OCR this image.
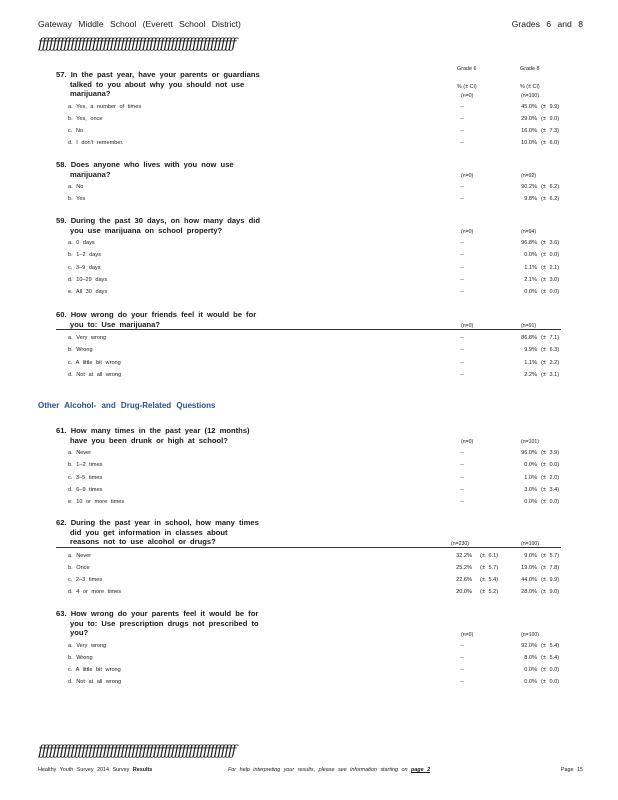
Gateway Middle School (Everett School District)	Grades 6 and 8
ƒƒƒƒƒƒƒƒƒƒƒƒƒƒƒƒƒƒƒƒƒƒƒƒƒƒƒƒƒƒƒƒƒƒƒƒƒƒƒƒƒƒƒƒƒƒƒƒƒƒƒƒƒƒƒ
Grade 6	Grade 8
% (± CI)	% (± CI)
57. In the past year, have your parents or guardians
talked to you about why you should not use
marijuana?	(n=0)	(n=100)
a. Yes, a number of times	--	45.0% (± 9.9)
b. Yes, once	--	29.0% (± 9.0)
c. No	--	16.0% (± 7.3)
d. I don't remember.	--	10.0% (± 6.0)
58. Does anyone who lives with you now use
marijuana?	(n=0)	(n=92)
a. No	--	90.2% (± 6.2)
b. Yes	--	9.8% (± 6.2)
59. During the past 30 days, on how many days did
you use marijuana on school property?	(n=0)	(n=94)
a. 0 days	--	96.8% (± 3.6)
b. 1–2 days	--	0.0% (± 0.0)
c. 3–9 days	--	1.1% (± 2.1)
d. 10–29 days	--	2.1% (± 3.0)
e. All 30 days	--	0.0% (± 0.0)
60. How wrong do your friends feel it would be for
you to: Use marijuana?	(n=0)	(n=91)
a. Very wrong	--	86.8% (± 7.1)
b. Wrong	--	9.9% (± 6.3)
c. A little bit wrong	--	1.1% (± 2.2)
d. Not at all wrong	--	2.2% (± 3.1)
Other Alcohol- and Drug-Related Questions
61. How many times in the past year (12 months)
have you been drunk or high at school?	(n=0)	(n=101)
a. Never	--	96.0% (± 3.9)
b. 1–2 times	--	0.0% (± 0.0)
c. 3–5 times	--	1.0% (± 2.0)
d. 6–9 times	--	3.0% (± 3.4)
e. 10 or more times	--	0.0% (± 0.0)
62. During the past year in school, how many times
did you get information in classes about
reasons not to use alcohol or drugs?	(n=230)	(n=100)
a. Never	32.2% (± 6.1)	9.0% (± 5.7)
b. Once	25.2% (± 5.7)	19.0% (± 7.8)
c. 2–3 times	22.6% (± 5.4)	44.0% (± 9.9)
d. 4 or more times	20.0% (± 5.2)	28.0% (± 9.0)
63. How wrong do your parents feel it would be for
you to: Use prescription drugs not prescribed to
you?	(n=0)	(n=100)
a. Very wrong	--	92.0% (± 5.4)
b. Wrong	--	8.0% (± 5.4)
c. A little bit wrong	--	0.0% (± 0.0)
d. Not at all wrong	--	0.0% (± 0.0)
ƒƒƒƒƒƒƒƒƒƒƒƒƒƒƒƒƒƒƒƒƒƒƒƒƒƒƒƒƒƒƒƒƒƒƒƒƒƒƒƒƒƒƒƒƒƒƒƒƒƒƒƒƒƒƒ
Healthy Youth Survey 2014 Survey Results	For help interpreting your results, please see information starting on page 2	Page 15
